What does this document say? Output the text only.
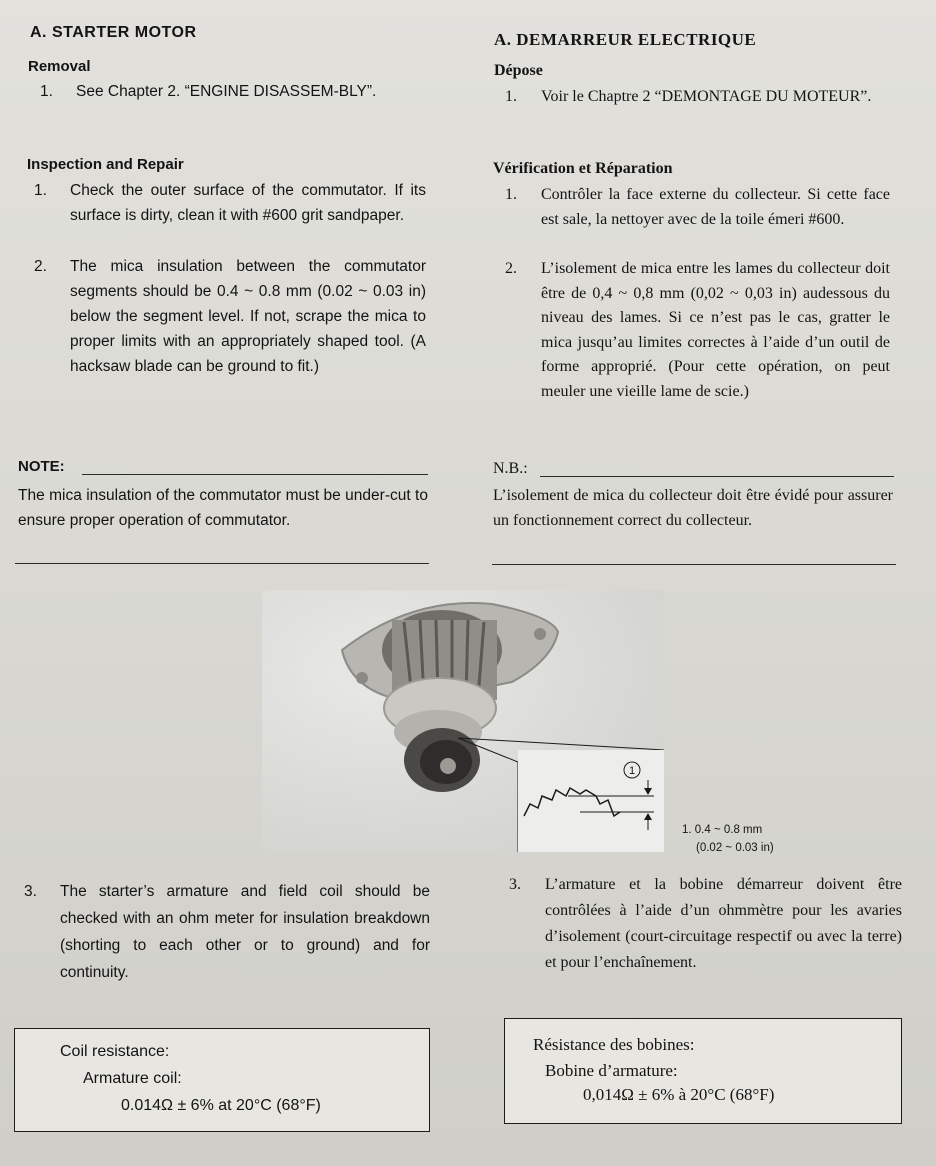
A. STARTER MOTOR
Removal
1.	See Chapter 2. “ENGINE DISASSEM-BLY”.
Inspection and Repair
1.	Check the outer surface of the commutator. If its surface is dirty, clean it with #600 grit sandpaper.
2.	The mica insulation between the commutator segments should be 0.4 ~ 0.8 mm (0.02 ~ 0.03 in) below the segment level. If not, scrape the mica to proper limits with an appropriately shaped tool. (A hacksaw blade can be ground to fit.)
NOTE:
The mica insulation of the commutator must be under-cut to ensure proper operation of commutator.
3.	The starter’s armature and field coil should be checked with an ohm meter for insulation breakdown (shorting to each other or to ground) and for continuity.
Coil resistance:
Armature coil:
0.014Ω ± 6% at 20°C (68°F)
A. DEMARREUR ELECTRIQUE
Dépose
1.	Voir le Chaptre 2 “DEMONTAGE DU MOTEUR”.
Vérification et Réparation
1.	Contrôler la face externe du collecteur. Si cette face est sale, la nettoyer avec de la toile émeri #600.
2.	L’isolement de mica entre les lames du collecteur doit être de 0,4 ~ 0,8 mm (0,02 ~ 0,03 in) audessous du niveau des lames. Si ce n’est pas le cas, gratter le mica jusqu’au limites correctes à l’aide d’un outil de forme approprié. (Pour cette opération, on peut meuler une vieille lame de scie.)
N.B.:
L’isolement de mica du collecteur doit être évidé pour assurer un fonctionnement correct du collecteur.
3.	L’armature et la bobine démarreur doivent être contrôlées à l’aide d’un ohmmètre pour les avaries d’isolement (court-circuitage respectif ou avec la terre) et pour l’enchaînement.
Résistance des bobines:
Bobine d’armature:
0,014Ω ± 6% à 20°C (68°F)
1
1. 0.4 ~ 0.8 mm
(0.02 ~ 0.03 in)
